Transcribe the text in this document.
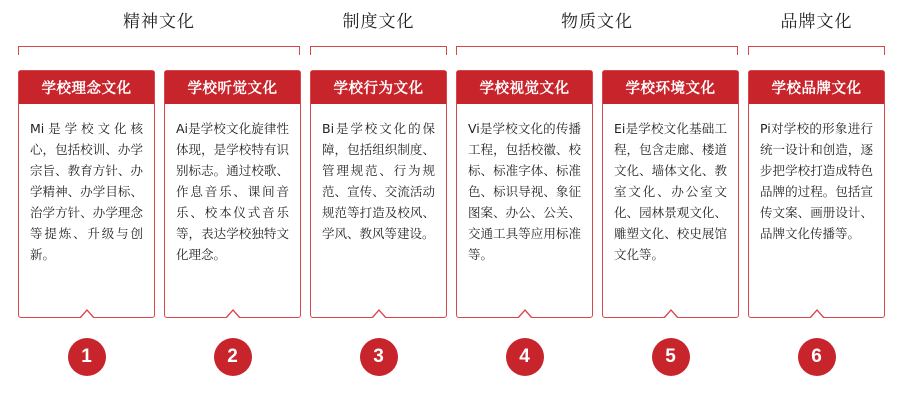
精神文化	制度文化	物质文化	品牌文化
学校理念文化
Mi是学校文化核心，包括校训、办学宗旨、教育方针、办学精神、办学目标、治学方针、办学理念等提炼、升级与创新。
1
学校听觉文化
Ai是学校文化旋律性体现，是学校特有识别标志。通过校歌、作息音乐、课间音乐、校本仪式音乐等，表达学校独特文化理念。
2
学校行为文化
Bi是学校文化的保障，包括组织制度、管理规范、行为规范、宣传、交流活动规范等打造及校风、学风、教风等建设。
3
学校视觉文化
Vi是学校文化的传播工程，包括校徽、校标、标准字体、标准色、标识导视、象征图案、办公、公关、交通工具等应用标准等。
4
学校环境文化
Ei是学校文化基础工程，包含走廊、楼道文化、墙体文化、教室文化、办公室文化、园林景观文化、雕塑文化、校史展馆文化等。
5
学校品牌文化
Pi对学校的形象进行统一设计和创造，逐步把学校打造成特色品牌的过程。包括宣传文案、画册设计、品牌文化传播等。
6
